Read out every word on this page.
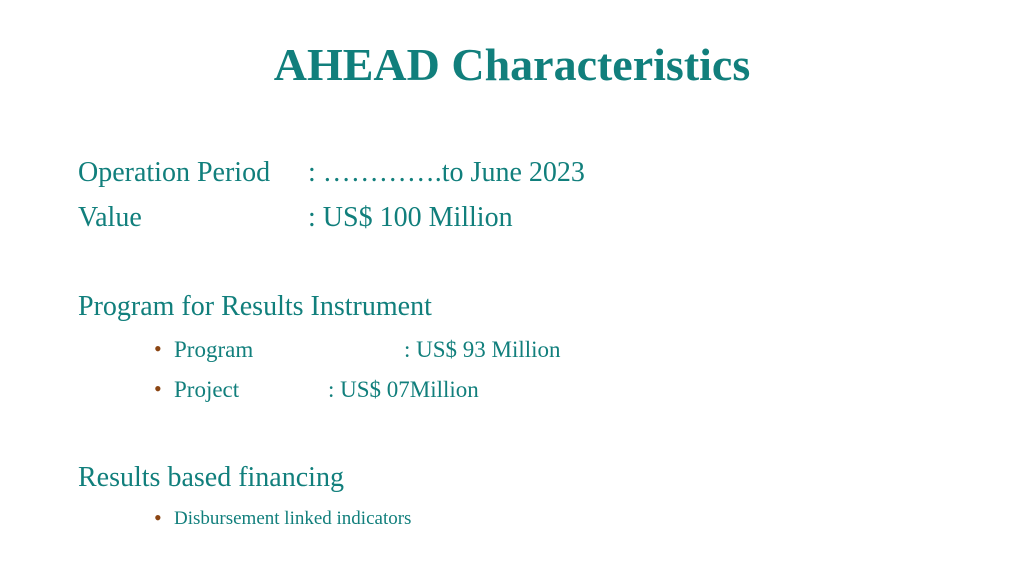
AHEAD Characteristics
Operation Period : ………….to June 2023
Value	: US$ 100 Million
Program for Results Instrument
• Program	: US$ 93 Million
• Project	: US$ 07Million
Results based financing
• Disbursement linked indicators
